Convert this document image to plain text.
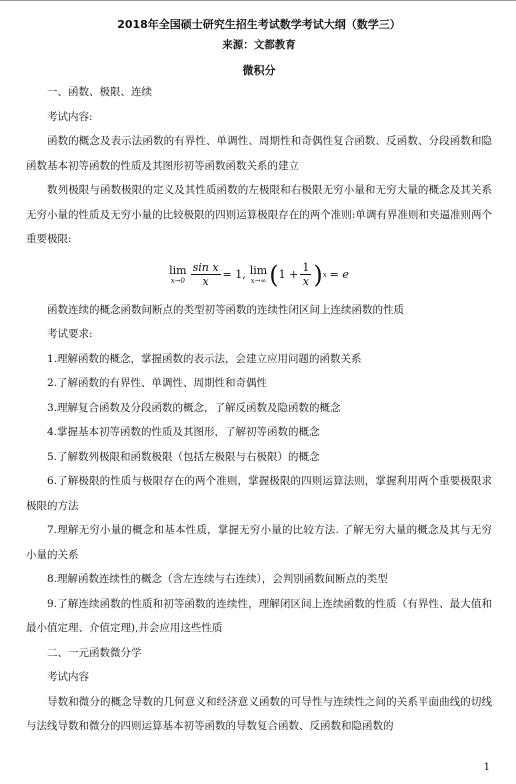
2018年全国硕士研究生招生考试数学考试大纲（数学三）
来源：文都教育
微积分

一、函数、极限、连续

考试内容:

函数的概念及表示法函数的有界性、单调性、周期性和奇偶性复合函数、反函数、分段函数和隐函数基本初等函数的性质及其图形初等函数函数关系的建立

数列极限与函数极限的定义及其性质函数的左极限和右极限无穷小量和无穷大量的概念及其关系无穷小量的性质及无穷小量的比较极限的四则运算极限存在的两个准则:单调有界准则和夹逼准则两个重要极限:

lim
$x\to 0 \frac{\text{sin x}}{x} = 1$, lim
x→∞ ( $1 + \frac{1}{x}$ ) x = e

函数连续的概念函数间断点的类型初等函数的连续性闭区间上连续函数的性质

考试要求:

1.理解函数的概念，掌握函数的表示法，会建立应用问题的函数关系

2.了解函数的有界性、单调性、周期性和奇偶性

3.理解复合函数及分段函数的概念，了解反函数及隐函数的概念

4.掌握基本初等函数的性质及其图形，了解初等函数的概念

5.了解数列极限和函数极限（包括左极限与右极限）的概念

6.了解极限的性质与极限存在的两个准则，掌握极限的四则运算法则，掌握利用两个重要极限求极限的方法

7.理解无穷小量的概念和基本性质，掌握无穷小量的比较方法. 了解无穷大量的概念及其与无穷小量的关系

8.理解函数连续性的概念（含左连续与右连续），会判别函数间断点的类型

9.了解连续函数的性质和初等函数的连续性，理解闭区间上连续函数的性质（有界性、最大值和最小值定理、介值定理),并会应用这些性质

二、一元函数微分学

考试内容

导数和微分的概念导数的几何意义和经济意义函数的可导性与连续性之间的关系平面曲线的切线与法线导数和微分的四则运算基本初等函数的导数复合函数、反函数和隐函数的

1
